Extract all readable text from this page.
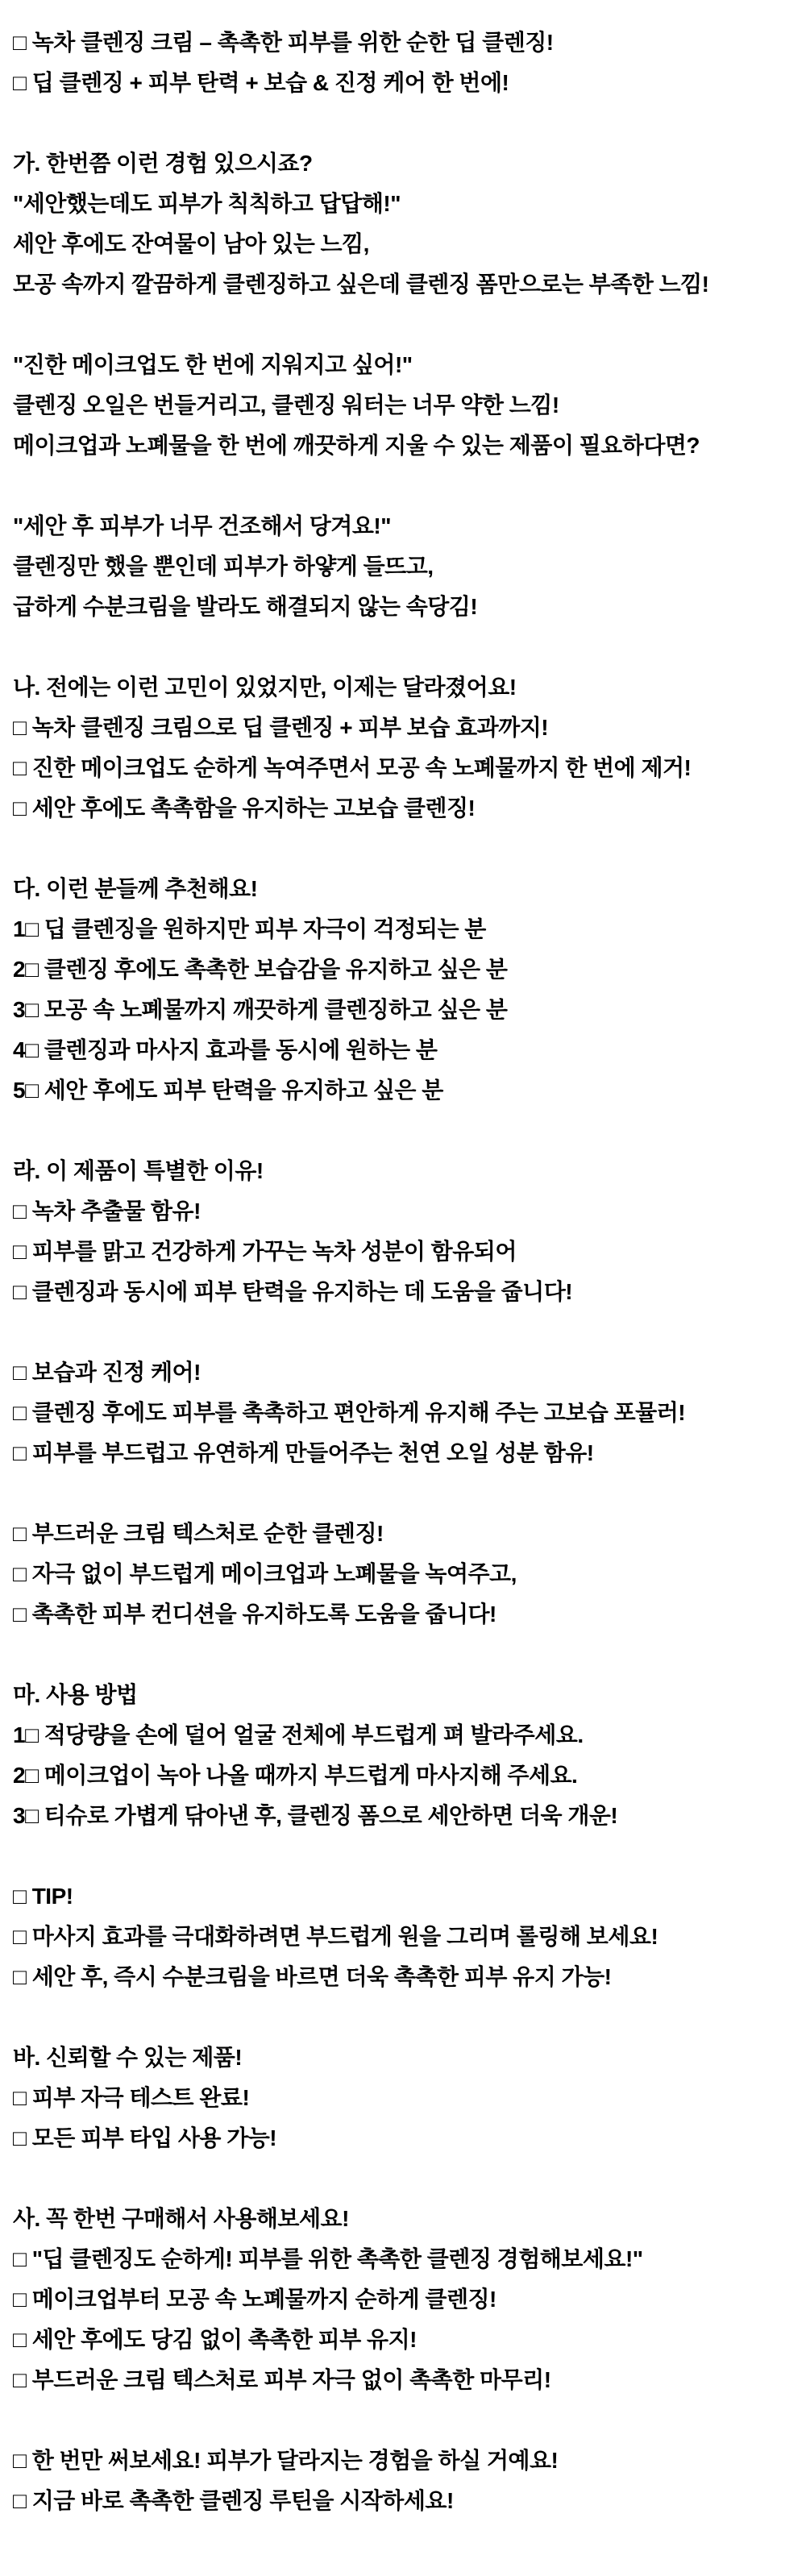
□ 녹차 클렌징 크림 – 촉촉한 피부를 위한 순한 딥 클렌징!

□ 딥 클렌징 + 피부 탄력 + 보습 & 진정 케어 한 번에!

가. 한번쯤 이런 경험 있으시죠?

"세안했는데도 피부가 칙칙하고 답답해!"

세안 후에도 잔여물이 남아 있는 느낌,

모공 속까지 깔끔하게 클렌징하고 싶은데 클렌징 폼만으로는 부족한 느낌!

"진한 메이크업도 한 번에 지워지고 싶어!"

클렌징 오일은 번들거리고, 클렌징 워터는 너무 약한 느낌!

메이크업과 노폐물을 한 번에 깨끗하게 지울 수 있는 제품이 필요하다면?

"세안 후 피부가 너무 건조해서 당겨요!"

클렌징만 했을 뿐인데 피부가 하얗게 들뜨고,

급하게 수분크림을 발라도 해결되지 않는 속당김!

나. 전에는 이런 고민이 있었지만, 이제는 달라졌어요!

□ 녹차 클렌징 크림으로 딥 클렌징 + 피부 보습 효과까지!

□ 진한 메이크업도 순하게 녹여주면서 모공 속 노폐물까지 한 번에 제거!

□ 세안 후에도 촉촉함을 유지하는 고보습 클렌징!

다. 이런 분들께 추천해요!

1□ 딥 클렌징을 원하지만 피부 자극이 걱정되는 분

2□ 클렌징 후에도 촉촉한 보습감을 유지하고 싶은 분

3□ 모공 속 노폐물까지 깨끗하게 클렌징하고 싶은 분

4□ 클렌징과 마사지 효과를 동시에 원하는 분

5□ 세안 후에도 피부 탄력을 유지하고 싶은 분

라. 이 제품이 특별한 이유!

□ 녹차 추출물 함유!

□ 피부를 맑고 건강하게 가꾸는 녹차 성분이 함유되어

□ 클렌징과 동시에 피부 탄력을 유지하는 데 도움을 줍니다!

□ 보습과 진정 케어!

□ 클렌징 후에도 피부를 촉촉하고 편안하게 유지해 주는 고보습 포뮬러!

□ 피부를 부드럽고 유연하게 만들어주는 천연 오일 성분 함유!

□ 부드러운 크림 텍스처로 순한 클렌징!

□ 자극 없이 부드럽게 메이크업과 노폐물을 녹여주고,

□ 촉촉한 피부 컨디션을 유지하도록 도움을 줍니다!

마. 사용 방법

1□ 적당량을 손에 덜어 얼굴 전체에 부드럽게 펴 발라주세요.

2□ 메이크업이 녹아 나올 때까지 부드럽게 마사지해 주세요.

3□ 티슈로 가볍게 닦아낸 후, 클렌징 폼으로 세안하면 더욱 개운!

□ TIP!

□ 마사지 효과를 극대화하려면 부드럽게 원을 그리며 롤링해 보세요!

□ 세안 후, 즉시 수분크림을 바르면 더욱 촉촉한 피부 유지 가능!

바. 신뢰할 수 있는 제품!

□ 피부 자극 테스트 완료!

□ 모든 피부 타입 사용 가능!

사. 꼭 한번 구매해서 사용해보세요!

□ "딥 클렌징도 순하게! 피부를 위한 촉촉한 클렌징 경험해보세요!"

□ 메이크업부터 모공 속 노폐물까지 순하게 클렌징!

□ 세안 후에도 당김 없이 촉촉한 피부 유지!

□ 부드러운 크림 텍스처로 피부 자극 없이 촉촉한 마무리!

□ 한 번만 써보세요! 피부가 달라지는 경험을 하실 거예요!

□ 지금 바로 촉촉한 클렌징 루틴을 시작하세요!
